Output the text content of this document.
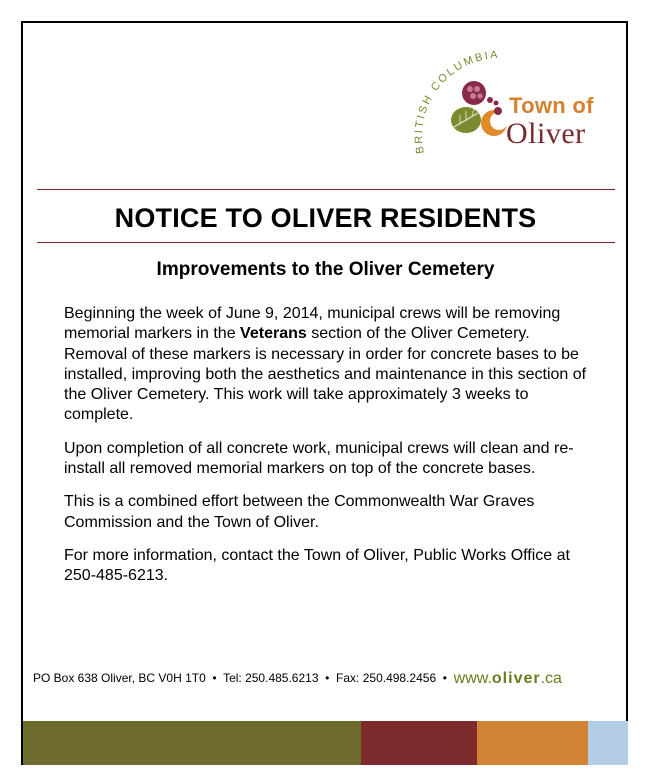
BRITISH COLUMBIA
Town of
Oliver
NOTICE TO OLIVER RESIDENTS
Improvements to the Oliver Cemetery

Beginning the week of June 9, 2014, municipal crews will be removing memorial markers in the Veterans section of the Oliver Cemetery. Removal of these markers is necessary in order for concrete bases to be installed, improving both the aesthetics and maintenance in this section of the Oliver Cemetery. This work will take approximately 3 weeks to complete.

Upon completion of all concrete work, municipal crews will clean and re-install all removed memorial markers on top of the concrete bases.

This is a combined effort between the Commonwealth War Graves Commission and the Town of Oliver.

For more information, contact the Town of Oliver, Public Works Office at 250-485-6213.

PO Box 638 Oliver, BC V0H 1T0 • Tel: 250.485.6213 • Fax: 250.498.2456 • www.oliver.ca
